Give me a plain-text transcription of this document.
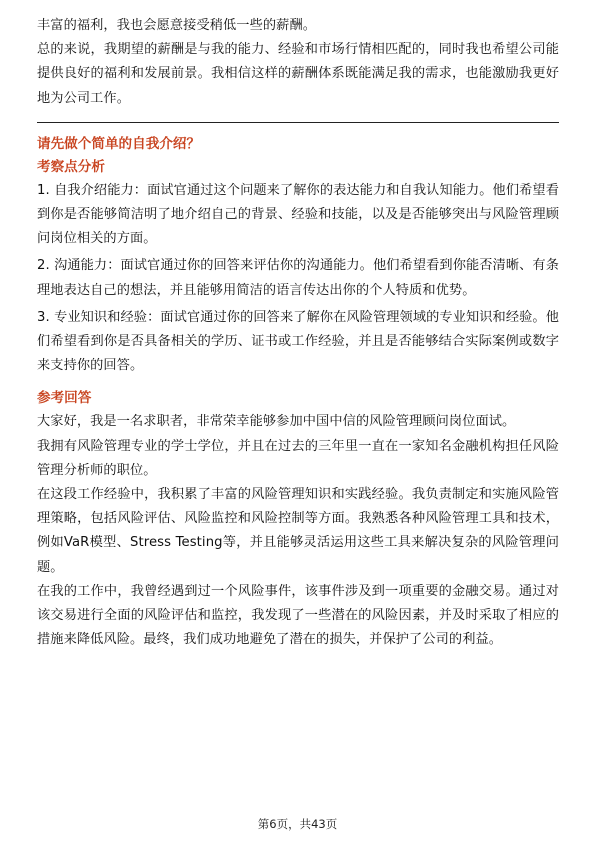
丰富的福利，我也会愿意接受稍低一些的薪酬。

总的来说，我期望的薪酬是与我的能力、经验和市场行情相匹配的，同时我也希望公司能提供良好的福利和发展前景。我相信这样的薪酬体系既能满足我的需求，也能激励我更好地为公司工作。

请先做个简单的自我介绍？

考察点分析

1. 自我介绍能力：面试官通过这个问题来了解你的表达能力和自我认知能力。他们希望看到你是否能够简洁明了地介绍自己的背景、经验和技能，以及是否能够突出与风险管理顾问岗位相关的方面。

2. 沟通能力：面试官通过你的回答来评估你的沟通能力。他们希望看到你能否清晰、有条理地表达自己的想法，并且能够用简洁的语言传达出你的个人特质和优势。

3. 专业知识和经验：面试官通过你的回答来了解你在风险管理领域的专业知识和经验。他们希望看到你是否具备相关的学历、证书或工作经验，并且是否能够结合实际案例或数字来支持你的回答。

参考回答

大家好，我是一名求职者，非常荣幸能够参加中国中信的风险管理顾问岗位面试。

我拥有风险管理专业的学士学位，并且在过去的三年里一直在一家知名金融机构担任风险管理分析师的职位。

在这段工作经验中，我积累了丰富的风险管理知识和实践经验。我负责制定和实施风险管理策略，包括风险评估、风险监控和风险控制等方面。我熟悉各种风险管理工具和技术，例如VaR模型、Stress Testing等，并且能够灵活运用这些工具来解决复杂的风险管理问题。

在我的工作中，我曾经遇到过一个风险事件，该事件涉及到一项重要的金融交易。通过对该交易进行全面的风险评估和监控，我发现了一些潜在的风险因素，并及时采取了相应的措施来降低风险。最终，我们成功地避免了潜在的损失，并保护了公司的利益。

第6页，共43页
